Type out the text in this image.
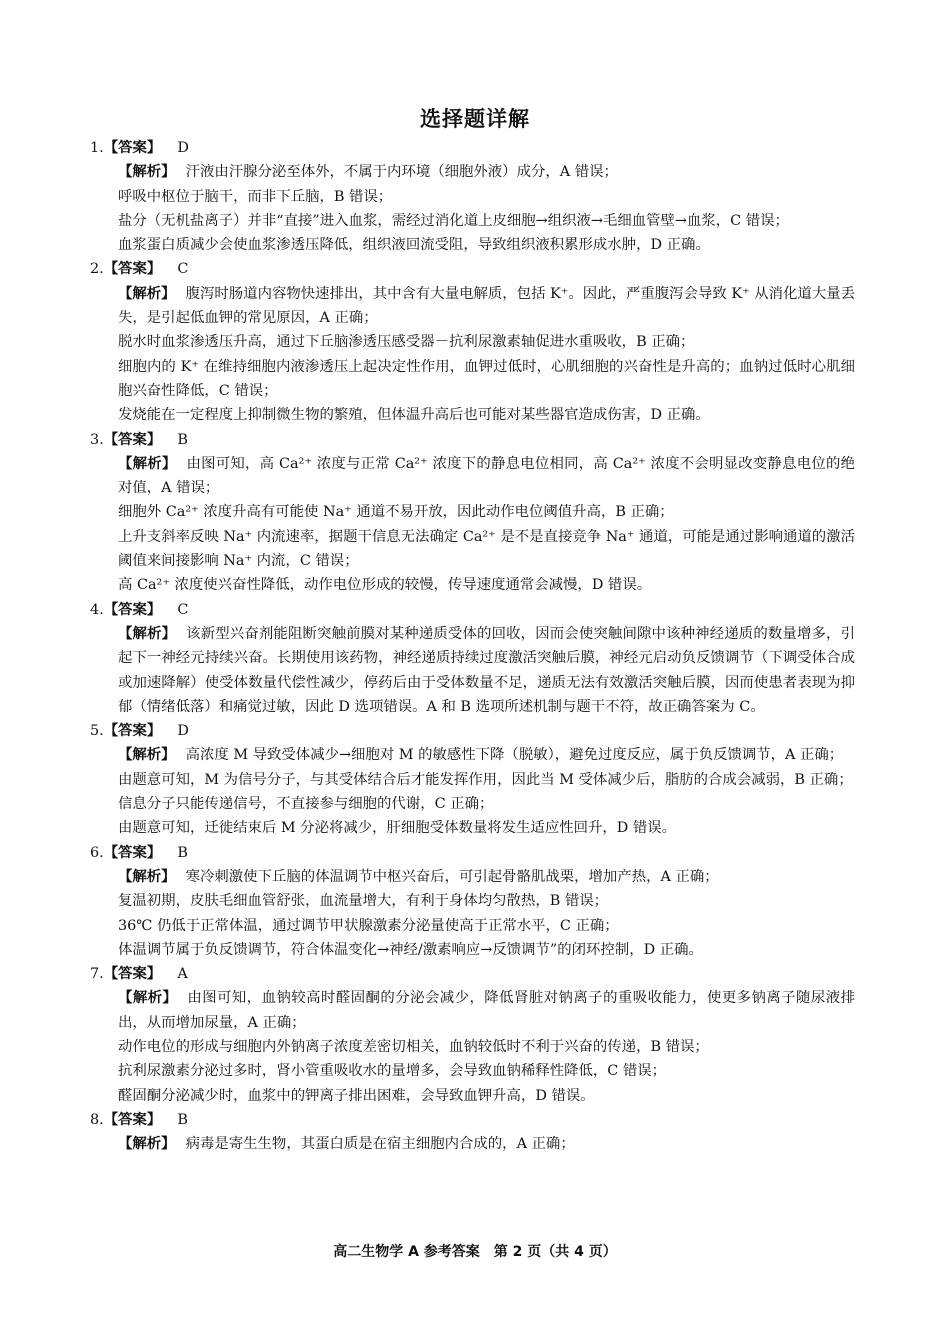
选择题详解
1.【答案】 D
【解析】 汗液由汗腺分泌至体外，不属于内环境（细胞外液）成分，A 错误；
呼吸中枢位于脑干，而非下丘脑，B 错误；
盐分（无机盐离子）并非“直接”进入血浆，需经过消化道上皮细胞→组织液→毛细血管壁→血浆，C 错误；
血浆蛋白质减少会使血浆渗透压降低，组织液回流受阻，导致组织液积累形成水肿，D 正确。
2.【答案】 C
【解析】 腹泻时肠道内容物快速排出，其中含有大量电解质，包括 K⁺。因此，严重腹泻会导致 K⁺ 从消化道大量丢失，是引起低血钾的常见原因，A 正确；
脱水时血浆渗透压升高，通过下丘脑渗透压感受器－抗利尿激素轴促进水重吸收，B 正确；
细胞内的 K⁺ 在维持细胞内液渗透压上起决定性作用，血钾过低时，心肌细胞的兴奋性是升高的；血钠过低时心肌细胞兴奋性降低，C 错误；
发烧能在一定程度上抑制微生物的繁殖，但体温升高后也可能对某些器官造成伤害，D 正确。
3.【答案】 B
【解析】 由图可知，高 Ca²⁺ 浓度与正常 Ca²⁺ 浓度下的静息电位相同，高 Ca²⁺ 浓度不会明显改变静息电位的绝对值，A 错误；
细胞外 Ca²⁺ 浓度升高有可能使 Na⁺ 通道不易开放，因此动作电位阈值升高，B 正确；
上升支斜率反映 Na⁺ 内流速率，据题干信息无法确定 Ca²⁺ 是不是直接竞争 Na⁺ 通道，可能是通过影响通道的激活阈值来间接影响 Na⁺ 内流，C 错误；
高 Ca²⁺ 浓度使兴奋性降低，动作电位形成的较慢，传导速度通常会减慢，D 错误。
4.【答案】 C
【解析】 该新型兴奋剂能阻断突触前膜对某种递质受体的回收，因而会使突触间隙中该种神经递质的数量增多，引起下一神经元持续兴奋。长期使用该药物，神经递质持续过度激活突触后膜，神经元启动负反馈调节（下调受体合成或加速降解）使受体数量代偿性减少，停药后由于受体数量不足，递质无法有效激活突触后膜，因而使患者表现为抑郁（情绪低落）和痛觉过敏，因此 D 选项错误。A 和 B 选项所述机制与题干不符，故正确答案为 C。
5.【答案】 D
【解析】 高浓度 M 导致受体减少→细胞对 M 的敏感性下降（脱敏），避免过度反应，属于负反馈调节，A 正确；
由题意可知，M 为信号分子，与其受体结合后才能发挥作用，因此当 M 受体减少后，脂肪的合成会减弱，B 正确；
信息分子只能传递信号，不直接参与细胞的代谢，C 正确；
由题意可知，迁徙结束后 M 分泌将减少，肝细胞受体数量将发生适应性回升，D 错误。
6.【答案】 B
【解析】 寒冷刺激使下丘脑的体温调节中枢兴奋后，可引起骨骼肌战栗，增加产热，A 正确；
复温初期，皮肤毛细血管舒张，血流量增大，有利于身体均匀散热，B 错误；
36℃ 仍低于正常体温，通过调节甲状腺激素分泌量使高于正常水平，C 正确；
体温调节属于负反馈调节，符合体温变化→神经/激素响应→反馈调节”的闭环控制，D 正确。
7.【答案】 A
【解析】 由图可知，血钠较高时醛固酮的分泌会减少，降低肾脏对钠离子的重吸收能力，使更多钠离子随尿液排出，从而增加尿量，A 正确；
动作电位的形成与细胞内外钠离子浓度差密切相关，血钠较低时不利于兴奋的传递，B 错误；
抗利尿激素分泌过多时，肾小管重吸收水的量增多，会导致血钠稀释性降低，C 错误；
醛固酮分泌减少时，血浆中的钾离子排出困难，会导致血钾升高，D 错误。
8.【答案】 B
【解析】 病毒是寄生生物，其蛋白质是在宿主细胞内合成的，A 正确；
高二生物学 A 参考答案　第 2 页（共 4 页）
